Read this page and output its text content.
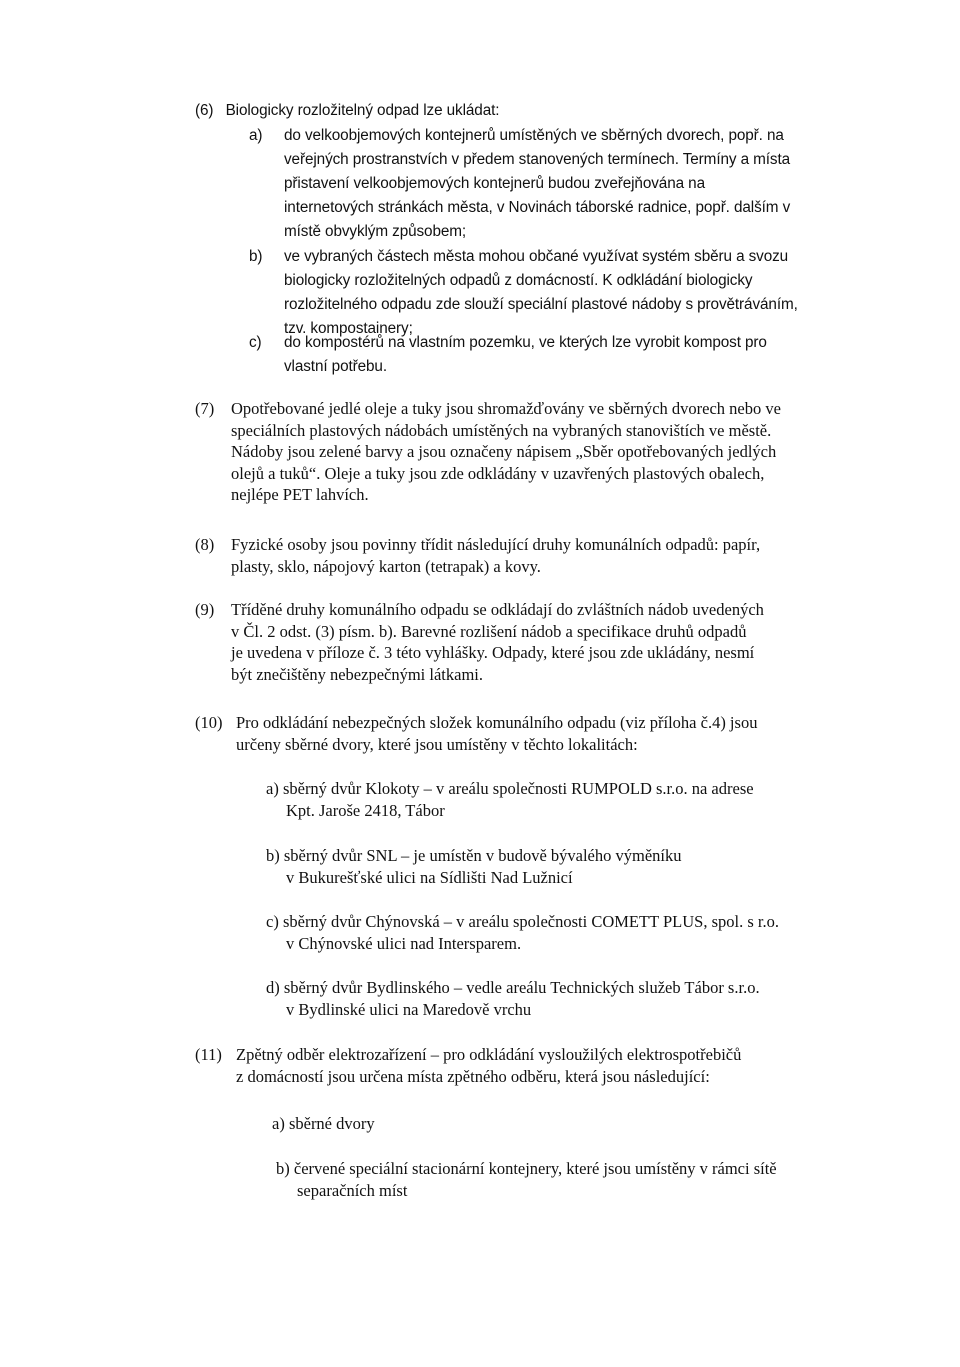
(6) Biologicky rozložitelný odpad lze ukládat:
a) do velkoobjemových kontejnerů umístěných ve sběrných dvorech, popř. na
veřejných prostranstvích v předem stanovených termínech. Termíny a místa
přistavení velkoobjemových kontejnerů budou zveřejňována na
internetových stránkách města, v Novinách táborské radnice, popř. dalším v
místě obvyklým způsobem;
b) ve vybraných částech města mohou občané využívat systém sběru a svozu
biologicky rozložitelných odpadů z domácností. K odkládání biologicky
rozložitelného odpadu zde slouží speciální plastové nádoby s provětráváním,
tzv. kompostainery;
c) do kompostérů na vlastním pozemku, ve kterých lze vyrobit kompost pro
vlastní potřebu.
(7) Opotřebované jedlé oleje a tuky jsou shromažďovány ve sběrných dvorech nebo ve
speciálních plastových nádobách umístěných na vybraných stanovištích ve městě.
Nádoby jsou zelené barvy a jsou označeny nápisem „Sběr opotřebovaných jedlých
olejů a tuků“. Oleje a tuky jsou zde odkládány v uzavřených plastových obalech,
nejlépe PET lahvích.
(8) Fyzické osoby jsou povinny třídit následující druhy komunálních odpadů: papír,
plasty, sklo, nápojový karton (tetrapak) a kovy.
(9) Tříděné druhy komunálního odpadu se odkládají do zvláštních nádob uvedených
v Čl. 2 odst. (3) písm. b). Barevné rozlišení nádob a specifikace druhů odpadů
je uvedena v příloze č. 3 této vyhlášky. Odpady, které jsou zde ukládány, nesmí
být znečištěny nebezpečnými látkami.
(10) Pro odkládání nebezpečných složek komunálního odpadu (viz příloha č.4) jsou
určeny sběrné dvory, které jsou umístěny v těchto lokalitách:
a) sběrný dvůr Klokoty – v areálu společnosti RUMPOLD s.r.o. na adrese
Kpt. Jaroše 2418, Tábor
b) sběrný dvůr SNL – je umístěn v budově bývalého výměníku
v Bukurešťské ulici na Sídlišti Nad Lužnicí
c) sběrný dvůr Chýnovská – v areálu společnosti COMETT PLUS, spol. s r.o.
v Chýnovské ulici nad Intersparem.
d) sběrný dvůr Bydlinského – vedle areálu Technických služeb Tábor s.r.o.
v Bydlinské ulici na Maredově vrchu
(11) Zpětný odběr elektrozařízení – pro odkládání vysloužilých elektrospotřebičů
z domácností jsou určena místa zpětného odběru, která jsou následující:
a) sběrné dvory
b) červené speciální stacionární kontejnery, které jsou umístěny v rámci sítě
separačních míst
